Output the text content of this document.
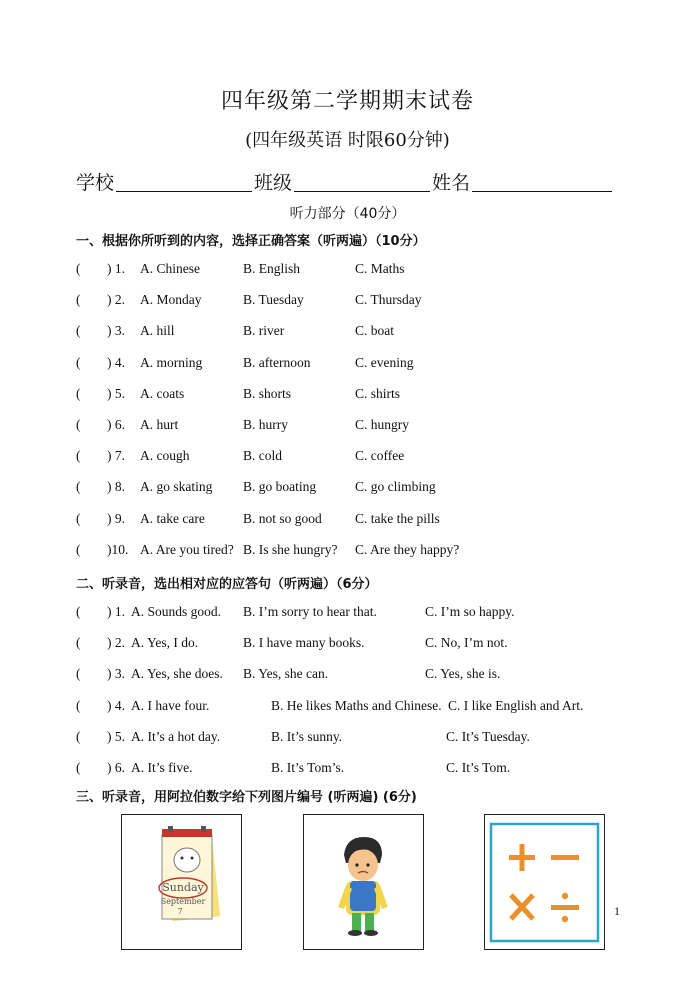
四年级第二学期期末试卷
(四年级英语 时限60分钟)
学校	班级	姓名
听力部分（40分）
一、根据你所听到的内容，选择正确答案（听两遍）（10分）
( ) 1. A. Chinese	B. English	C. Maths
( ) 2. A. Monday	B. Tuesday	C. Thursday
( ) 3. A. hill	B. river	C. boat
( ) 4. A. morning	B. afternoon	C. evening
( ) 5. A. coats	B. shorts	C. shirts
( ) 6. A. hurt	B. hurry	C. hungry
( ) 7. A. cough	B. cold	C. coffee
( ) 8. A. go skating B. go boating	C. go climbing
( ) 9. A. take care	B. not so good C. take the pills
( )10. A. Are you tired? B. Is she hungry? C. Are they happy?
二、听录音，选出相对应的应答句（听两遍）（6分）
( ) 1. A. Sounds good. B. I’m sorry to hear that.	C. I’m so happy.
( ) 2. A. Yes, I do.	B. I have many books.	C. No, I’m not.
( ) 3. A. Yes, she does. B. Yes, she can.	C. Yes, she is.
( ) 4. A. I have four.	B. He likes Maths and Chinese. C. I like English and Art.
( ) 5. A. It’s a hot day.	B. It’s sunny.	C. It’s Tuesday.
( ) 6. A. It’s five.	B. It’s Tom’s.	C. It’s Tom.
三、听录音，用阿拉伯数字给下列图片编号 (听两遍) (6分)
Sunday
September
7	1
